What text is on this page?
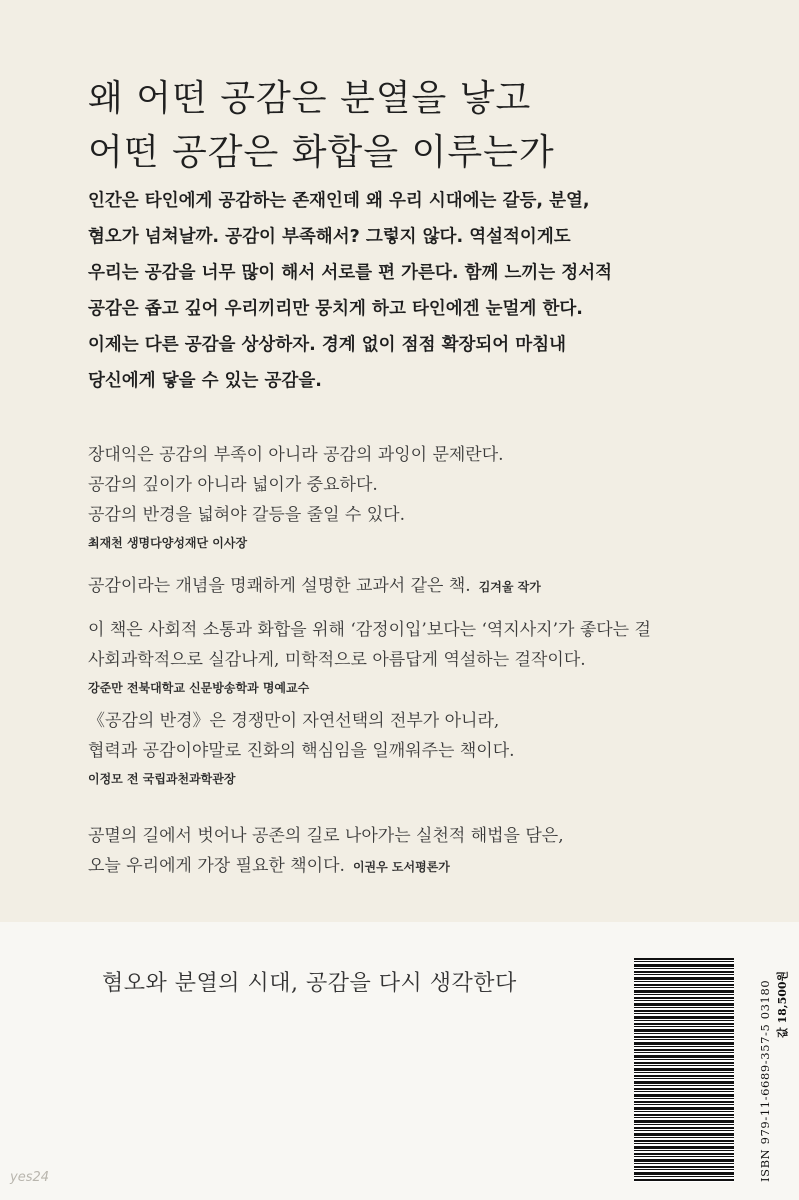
왜 어떤 공감은 분열을 낳고
어떤 공감은 화합을 이루는가
인간은 타인에게 공감하는 존재인데 왜 우리 시대에는 갈등, 분열,
혐오가 넘쳐날까. 공감이 부족해서? 그렇지 않다. 역설적이게도
우리는 공감을 너무 많이 해서 서로를 편 가른다. 함께 느끼는 정서적
공감은 좁고 깊어 우리끼리만 뭉치게 하고 타인에겐 눈멀게 한다.
이제는 다른 공감을 상상하자. 경계 없이 점점 확장되어 마침내
당신에게 닿을 수 있는 공감을.
장대익은 공감의 부족이 아니라 공감의 과잉이 문제란다.
공감의 깊이가 아니라 넓이가 중요하다.
공감의 반경을 넓혀야 갈등을 줄일 수 있다.
최재천 생명다양성재단 이사장
공감이라는 개념을 명쾌하게 설명한 교과서 같은 책. 김겨울 작가
이 책은 사회적 소통과 화합을 위해 ‘감정이입’보다는 ‘역지사지’가 좋다는 걸
사회과학적으로 실감나게, 미학적으로 아름답게 역설하는 걸작이다.
강준만 전북대학교 신문방송학과 명예교수
《공감의 반경》은 경쟁만이 자연선택의 전부가 아니라,
협력과 공감이야말로 진화의 핵심임을 일깨워주는 책이다.
이정모 전 국립과천과학관장
공멸의 길에서 벗어나 공존의 길로 나아가는 실천적 해법을 담은,
오늘 우리에게 가장 필요한 책이다. 이권우 도서평론가
혐오와 분열의 시대, 공감을 다시 생각한다	ISBN 979-11-6689-357-5 03180 값 18,500원
yes24
